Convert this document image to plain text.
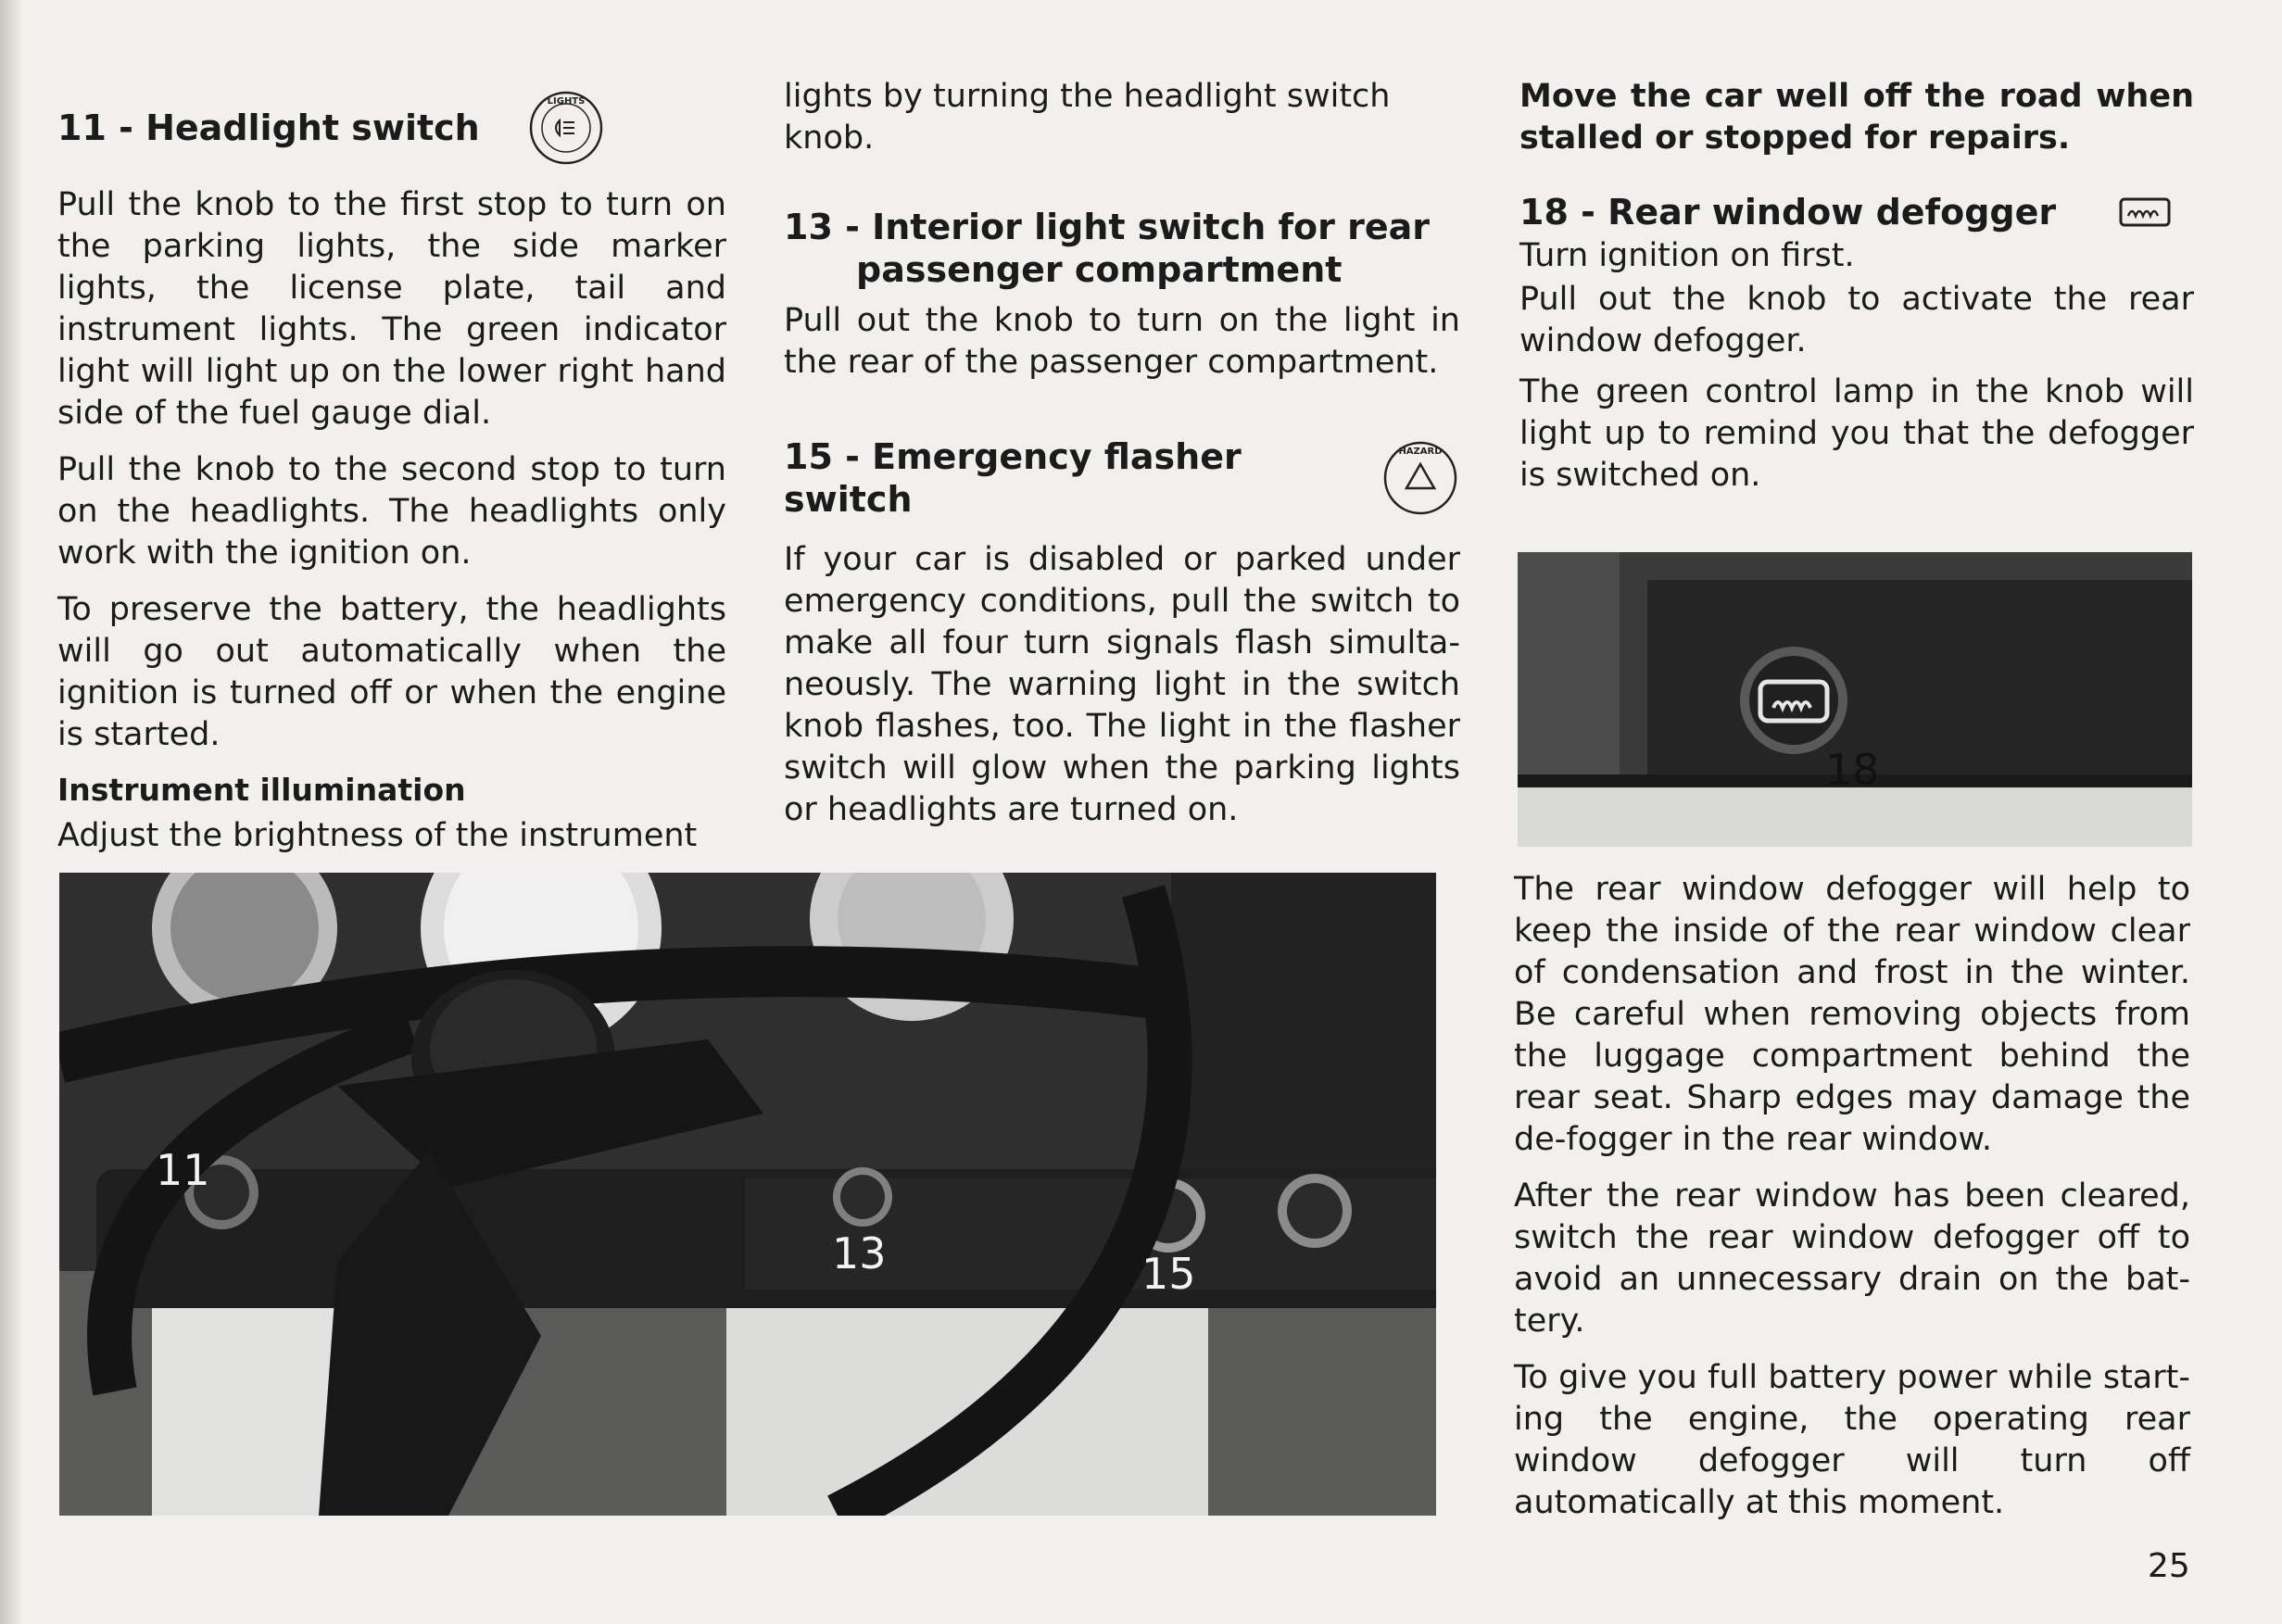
11 - Headlight switch
LIGHTS

Pull the knob to the first stop to turn on the parking lights, the side marker lights, the license plate, tail and instrument lights. The green indicator light will light up on the lower right hand side of the fuel gauge dial.

Pull the knob to the second stop to turn on the headlights. The headlights only work with the ignition on.

To preserve the battery, the headlights will go out automatically when the ignition is turned off or when the engine is started.

Instrument illumination

Adjust the brightness of the instrument

lights by turning the headlight switch knob.

13 - Interior light switch for rear
passenger compartment

Pull out the knob to turn on the light in the rear of the passenger compartment.

15 - Emergency flasher switch
HAZARD

If your car is disabled or parked under emergency conditions, pull the switch to make all four turn signals flash simulta-neously. The warning light in the switch knob flashes, too. The light in the flasher switch will glow when the parking lights or headlights are turned on.

Move the car well off the road when stalled or stopped for repairs.

18 - Rear window defogger

Turn ignition on first.

Pull out the knob to activate the rear window defogger.

The green control lamp in the knob will light up to remind you that the defogger is switched on.

18
11
13	15

The rear window defogger will help to keep the inside of the rear window clear of condensation and frost in the winter. Be careful when removing objects from the luggage compartment behind the rear seat. Sharp edges may damage the de-fogger in the rear window.

After the rear window has been cleared, switch the rear window defogger off to avoid an unnecessary drain on the bat-tery.

To give you full battery power while start-ing the engine, the operating rear window defogger will turn off automatically at this moment.

25
